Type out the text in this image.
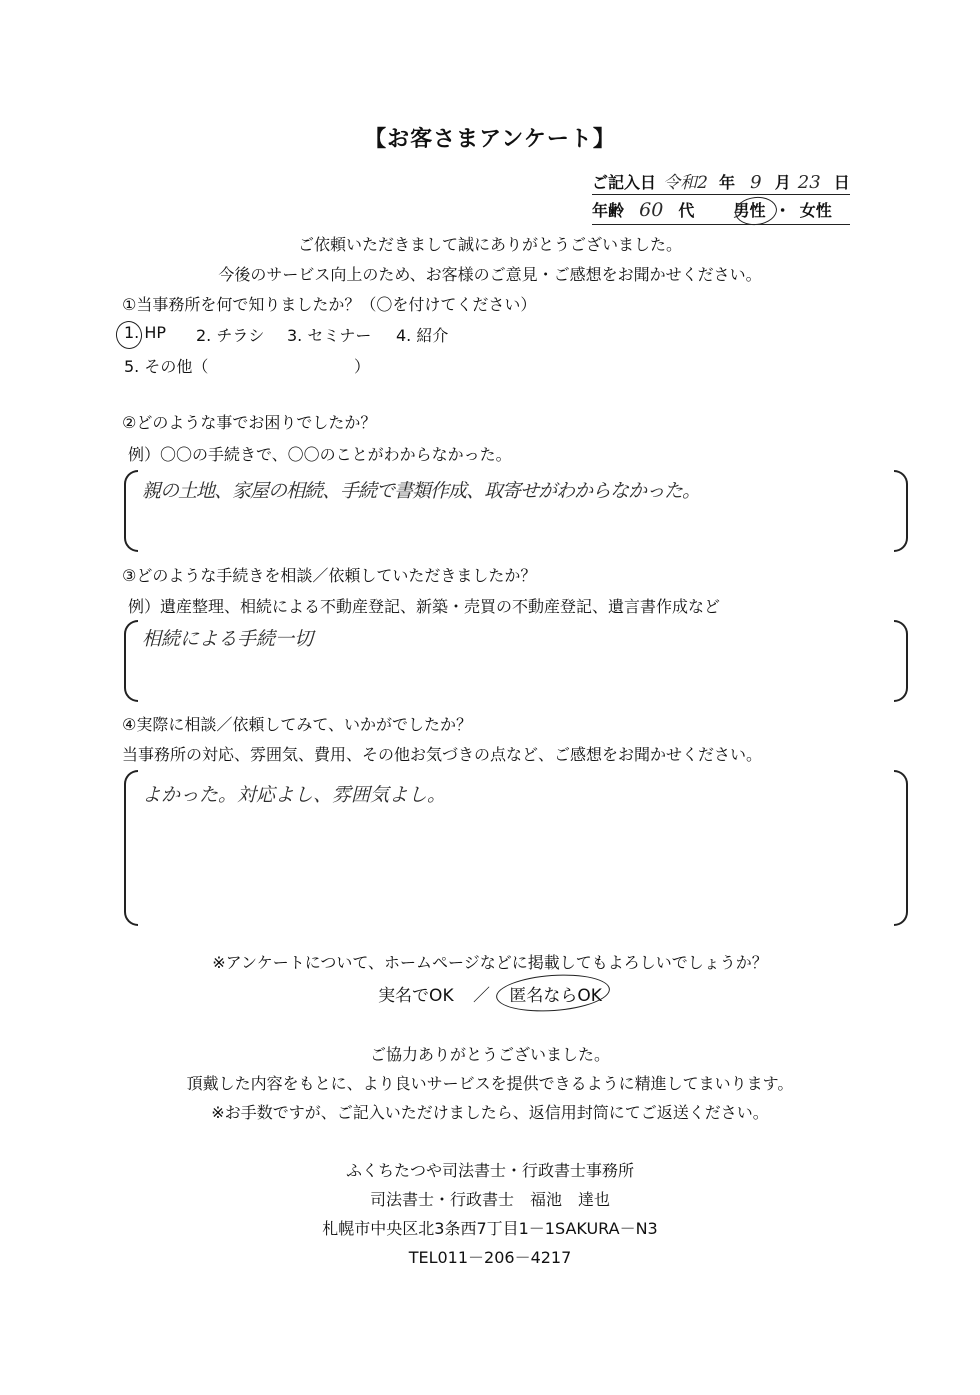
【お客さまアンケート】
ご記入日 令和2 年 9 月 23 日
年齢 60 代 男性 ・ 女性
ご依頼いただきまして誠にありがとうございました。
今後のサービス向上のため、お客様のご意見・ご感想をお聞かせください。
①当事務所を何で知りましたか？（〇を付けてください）
1. HP 2. チラシ 3. セミナー 4. 紹介
5. その他（	）
②どのような事でお困りでしたか？
例）〇〇の手続きで、〇〇のことがわからなかった。
親の土地、家屋の相続、手続で書類作成、取寄せがわからなかった。
③どのような手続きを相談／依頼していただきましたか？
例）遺産整理、相続による不動産登記、新築・売買の不動産登記、遺言書作成など
相続による手続一切
④実際に相談／依頼してみて、いかがでしたか？
当事務所の対応、雰囲気、費用、その他お気づきの点など、ご感想をお聞かせください。
よかった。対応よし、雰囲気よし。
※アンケートについて、ホームページなどに掲載してもよろしいでしょうか？
実名でOK ／ 匿名ならOK
ご協力ありがとうございました。
頂戴した内容をもとに、より良いサービスを提供できるように精進してまいります。
※お手数ですが、ご記入いただけましたら、返信用封筒にてご返送ください。
ふくちたつや司法書士・行政書士事務所
司法書士・行政書士　福池　達也
札幌市中央区北3条西7丁目1－1SAKURA－N3
TEL011－206－4217
